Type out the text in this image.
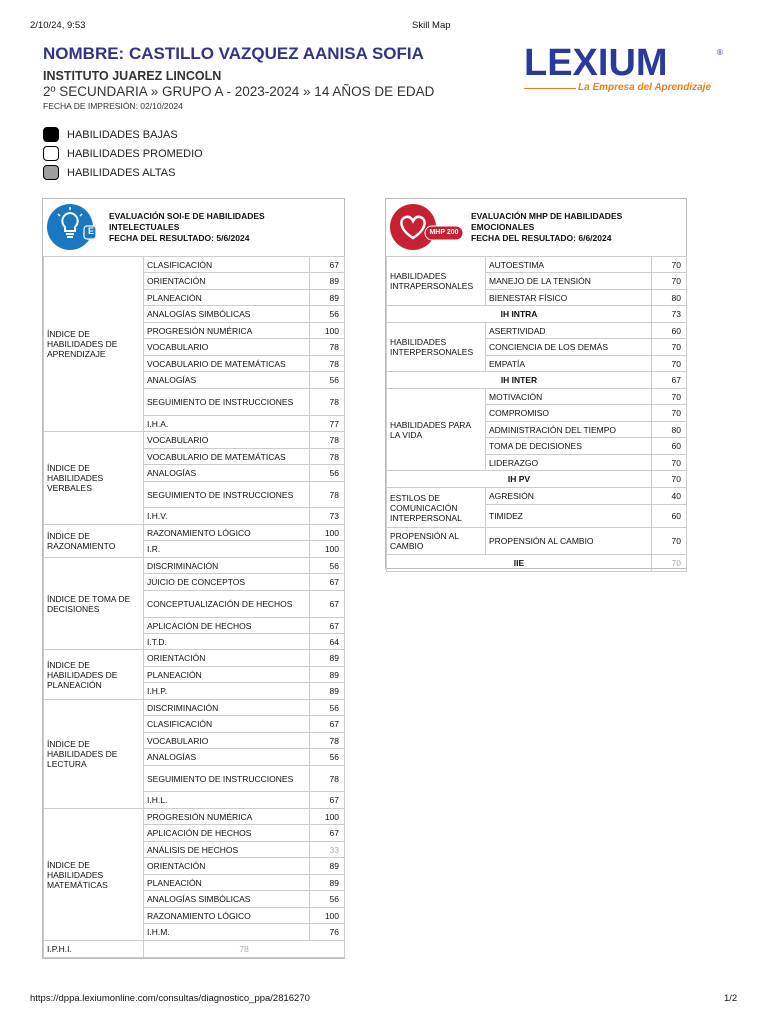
2/10/24, 9:53	Skill Map
https://dppa.lexiumonline.com/consultas/diagnostico_ppa/2816270	1/2
NOMBRE: CASTILLO VAZQUEZ AANISA SOFIA
INSTITUTO JUAREZ LINCOLN
2º SECUNDARIA » GRUPO A - 2023-2024 » 14 AÑOS DE EDAD
FECHA DE IMPRESIÓN: 02/10/2024
LEXIUM	®
La Empresa del Aprendizaje
HABILIDADES BAJAS
HABILIDADES PROMEDIO
HABILIDADES ALTAS
E
EVALUACIÓN SOI-E DE HABILIDADES
INTELECTUALES
FECHA DEL RESULTADO: 5/6/2024
ÍNDICE DE HABILIDADES DE APRENDIZAJE	CLASIFICACIÓN	67
	ORIENTACIÓN	89
	PLANEACIÓN	89
	ANALOGÍAS SIMBÓLICAS	56
	PROGRESIÓN NUMÉRICA	100
	VOCABULARIO	78
	VOCABULARIO DE MATEMÁTICAS	78
	ANALOGÍAS	56
	SEGUIMIENTO DE INSTRUCCIONES	78
	I.H.A.	77
ÍNDICE DE HABILIDADES VERBALES	VOCABULARIO	78
	VOCABULARIO DE MATEMÁTICAS	78
	ANALOGÍAS	56
	SEGUIMIENTO DE INSTRUCCIONES	78
	I.H.V.	73
ÍNDICE DE RAZONAMIENTO	RAZONAMIENTO LÓGICO	100
	I.R.	100
ÍNDICE DE TOMA DE DECISIONES	DISCRIMINACIÓN	56
	JUICIO DE CONCEPTOS	67
	CONCEPTUALIZACIÓN DE HECHOS	67
	APLICACIÓN DE HECHOS	67
	I.T.D.	64
ÍNDICE DE HABILIDADES DE PLANEACIÓN	ORIENTACIÓN	89
	PLANEACIÓN	89
	I.H.P.	89
ÍNDICE DE HABILIDADES DE LECTURA	DISCRIMINACIÓN	56
	CLASIFICACIÓN	67
	VOCABULARIO	78
	ANALOGÍAS	56
	SEGUIMIENTO DE INSTRUCCIONES	78
	I.H.L.	67
ÍNDICE DE HABILIDADES MATEMÁTICAS	PROGRESIÓN NUMÉRICA	100
	APLICACIÓN DE HECHOS	67
	ANÁLISIS DE HECHOS	33
	ORIENTACIÓN	89
	PLANEACIÓN	89
	ANALOGÍAS SIMBÓLICAS	56
	RAZONAMIENTO LÓGICO	100
	I.H.M.	76
I.P.H.I.	78	
MHP 200
EVALUACIÓN MHP DE HABILIDADES
EMOCIONALES
FECHA DEL RESULTADO: 6/6/2024
HABILIDADES INTRAPERSONALES	AUTOESTIMA	70
	MANEJO DE LA TENSIÓN	70
	BIENESTAR FÍSICO	80
IH INTRA		73
HABILIDADES INTERPERSONALES	ASERTIVIDAD	60
	CONCIENCIA DE LOS DEMÁS	70
	EMPATÍA	70
IH INTER		67
HABILIDADES PARA LA VIDA	MOTIVACIÓN	70
	COMPROMISO	70
	ADMINISTRACIÓN DEL TIEMPO	80
	TOMA DE DECISIONES	60
	LIDERAZGO	70
IH PV		70
ESTILOS DE COMUNICACIÓN INTERPERSONAL	AGRESIÓN	40
	TIMIDEZ	60
PROPENSIÓN AL CAMBIO	PROPENSIÓN AL CAMBIO	70
IIE		70
